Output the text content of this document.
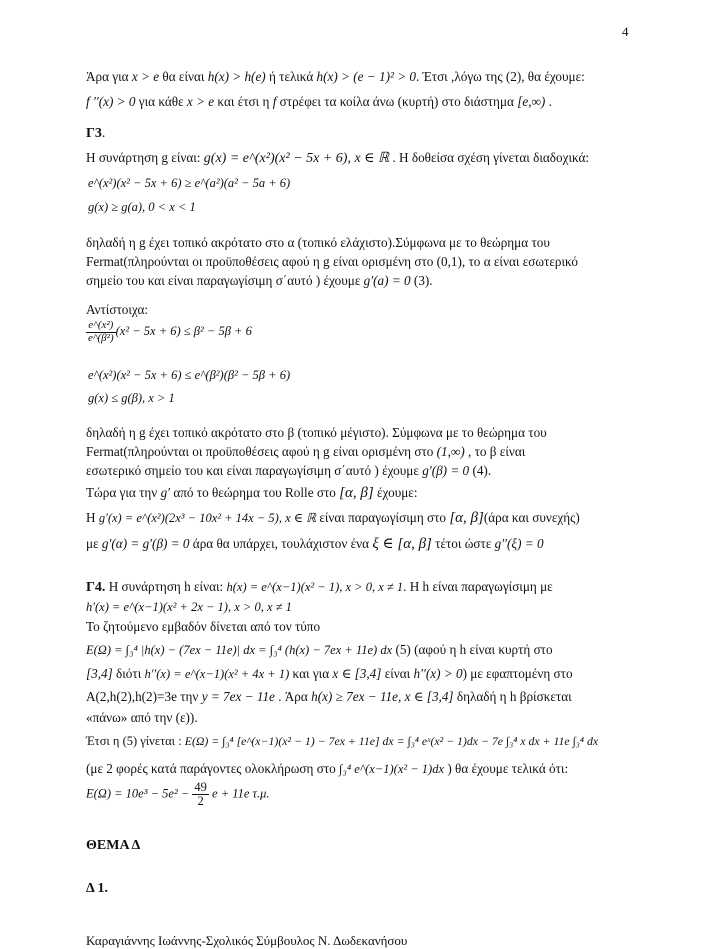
4
Άρα για x > e θα είναι h(x) > h(e) ή τελικά h(x) > (e − 1)² > 0. Έτσι ,λόγω της (2), θα έχουμε:
f ′′(x) > 0 για κάθε x > e και έτσι η f στρέφει τα κοίλα άνω (κυρτή) στο διάστημα [e,∞) .
Γ3.
Η συνάρτηση g είναι: g(x) = e^(x²)(x² − 5x + 6), x ∈ ℝ . Η δοθείσα σχέση γίνεται διαδοχικά:
e^(x²)(x² − 5x + 6) ≥ e^(a²)(a² − 5a + 6)
g(x) ≥ g(a), 0 < x < 1
δηλαδή η g έχει τοπικό ακρότατο στο α (τοπικό ελάχιστο).Σύμφωνα με το θεώρημα του
Fermat(πληρούνται οι προϋποθέσεις αφού η g είναι ορισμένη στο (0,1), το α είναι εσωτερικό
σημείο του και είναι παραγωγίσιμη σ΄αυτό ) έχουμε g′(a) = 0 (3).
Αντίστοιχα:
$\frac{\text{e\textasciicircum{}(x²)}}{\text{e\textasciicircum{}(β²)}} (x^2 - 5x + 6) \le \beta^2 - 5\beta + 6$
e^(x²)(x² − 5x + 6) ≤ e^(β²)(β² − 5β + 6)
g(x) ≤ g(β), x > 1
δηλαδή η g έχει τοπικό ακρότατο στο β (τοπικό μέγιστο). Σύμφωνα με το θεώρημα του
Fermat(πληρούνται οι προϋποθέσεις αφού η g είναι ορισμένη στο (1,∞) , το β είναι
εσωτερικό σημείο του και είναι παραγωγίσιμη σ΄αυτό ) έχουμε g′(β) = 0 (4).
Τώρα για την g′ από το θεώρημα του Rolle στο [α, β] έχουμε:
Η g′(x) = e^(x²)(2x³ − 10x² + 14x − 5), x ∈ ℝ είναι παραγωγίσιμη στο [α, β](άρα και συνεχής)
με g′(α) = g′(β) = 0 άρα θα υπάρχει, τουλάχιστον ένα ξ ∈ [α, β] τέτοι ώστε g′′(ξ) = 0
Γ4. Η συνάρτηση h είναι: h(x) = e^(x−1)(x² − 1), x > 0, x ≠ 1. Η h είναι παραγωγίσιμη με
h′(x) = e^(x−1)(x² + 2x − 1), x > 0, x ≠ 1
Το ζητούμενο εμβαδόν δίνεται από τον τύπο
E(Ω) = ∫₃⁴ |h(x) − (7ex − 11e)| dx = ∫₃⁴ (h(x) − 7ex + 11e) dx (5) (αφού η h είναι κυρτή στο
[3,4] διότι h′′(x) = e^(x−1)(x² + 4x + 1) και για x ∈ [3,4] είναι h′′(x) > 0) με εφαπτομένη στο
A(2,h(2),h(2)=3e την y = 7ex − 11e . Άρα h(x) ≥ 7ex − 11e, x ∈ [3,4] δηλαδή η h βρίσκεται
«πάνω» από την (ε)).
Έτσι η (5) γίνεται : E(Ω) = ∫₃⁴ [e^(x−1)(x² − 1) − 7ex + 11e] dx = ∫₃⁴ eˣ(x² − 1)dx − 7e ∫₃⁴ x dx + 11e ∫₃⁴ dx
(με 2 φορές κατά παράγοντες ολοκλήρωση στο ∫₃⁴ e^(x−1)(x² − 1)dx ) θα έχουμε τελικά ότι:
$E(\Omega) = 10e^3 - 5e^2 - \frac{49}{2}$ e + 11e τ.μ.
ΘΕΜΑ Δ
Δ 1.
Καραγιάννης Ιωάννης-Σχολικός Σύμβουλος Ν. Δωδεκανήσου
